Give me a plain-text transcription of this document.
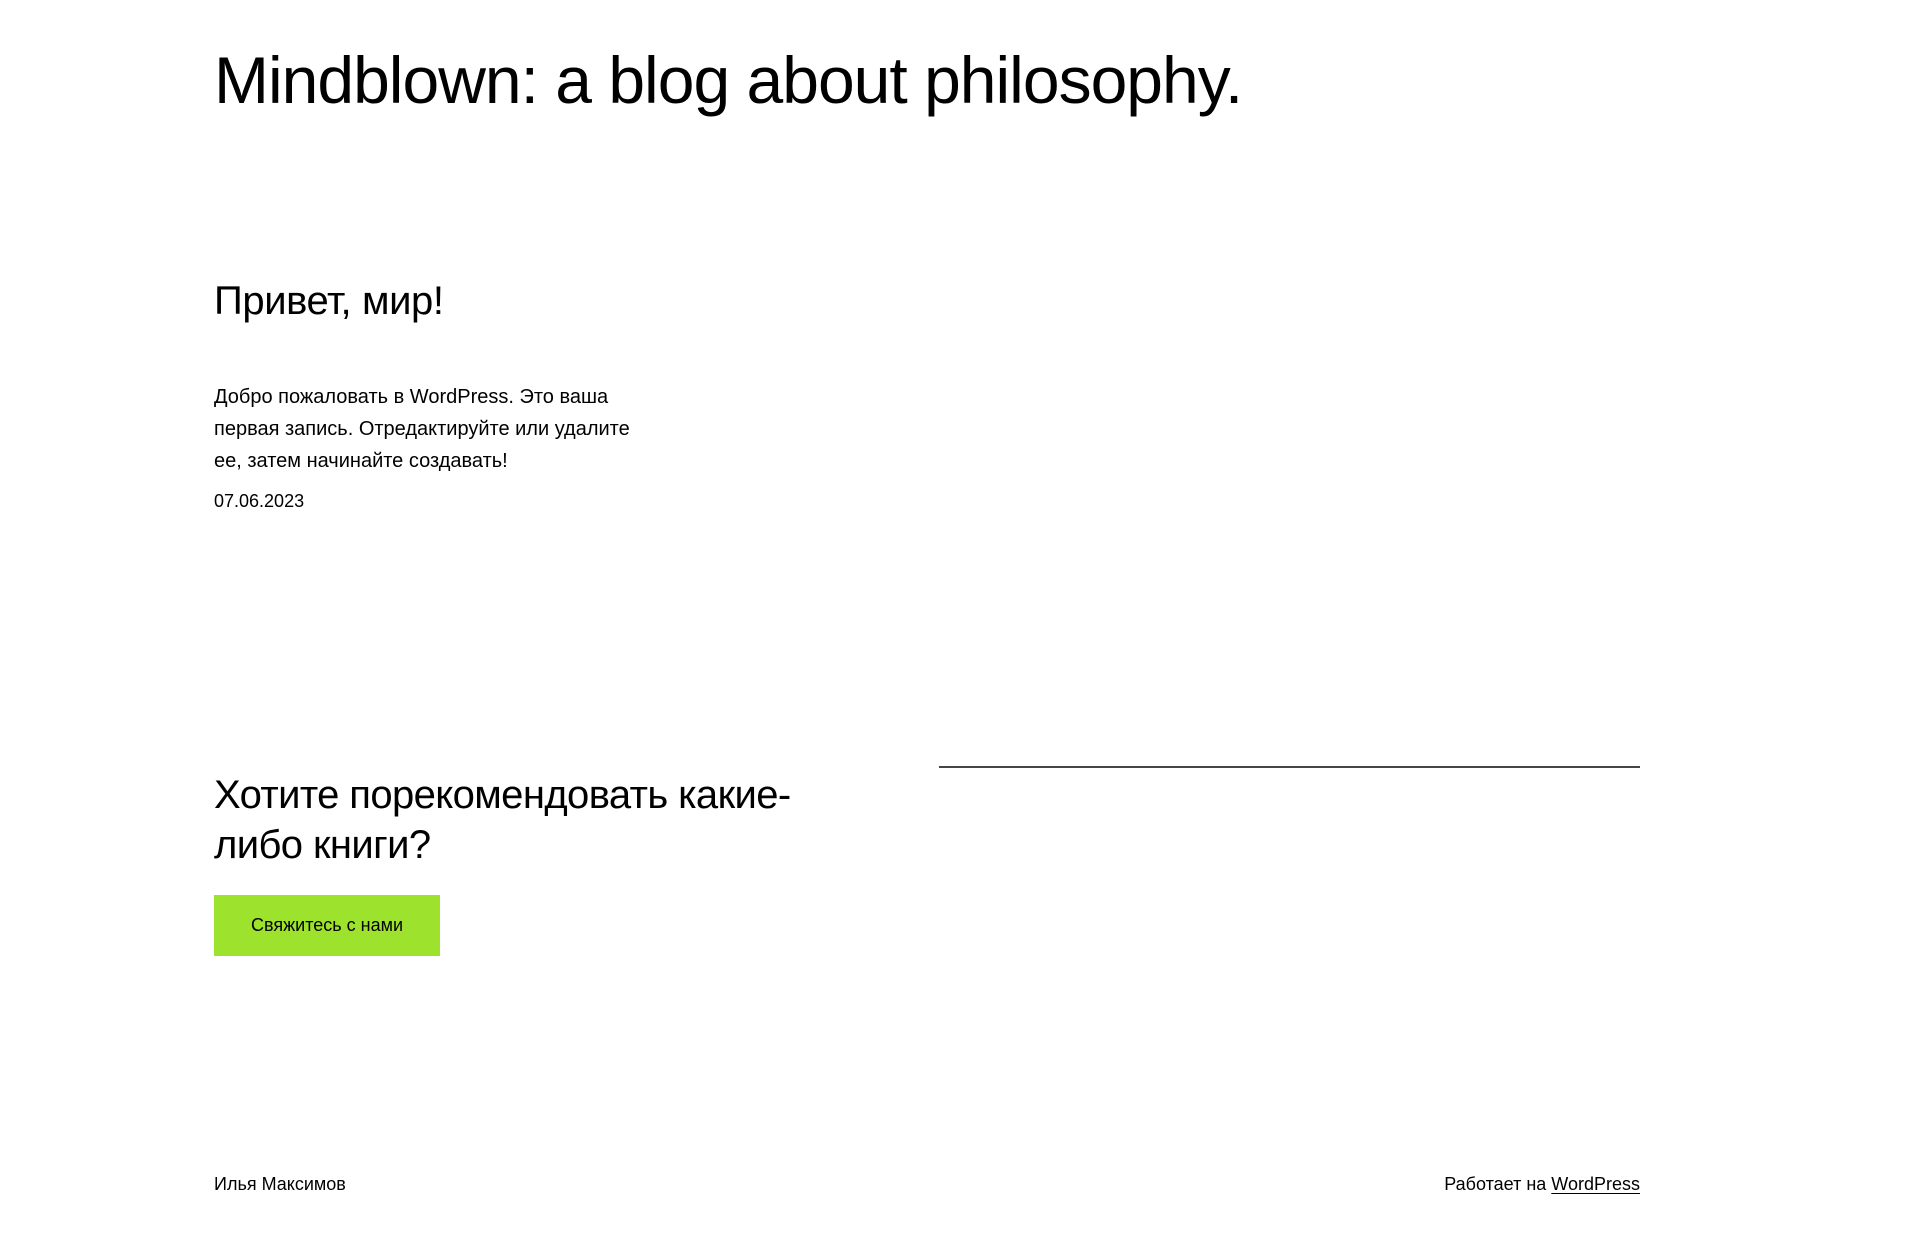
Mindblown: a blog about philosophy.
Привет, мир!

Добро пожаловать в WordPress. Это ваша первая запись. Отредактируйте или удалите ее, затем начинайте создавать!

07.06.2023
Хотите порекомендовать какие-либо книги?
Свяжитесь с нами
Илья Максимов	Работает на WordPress
